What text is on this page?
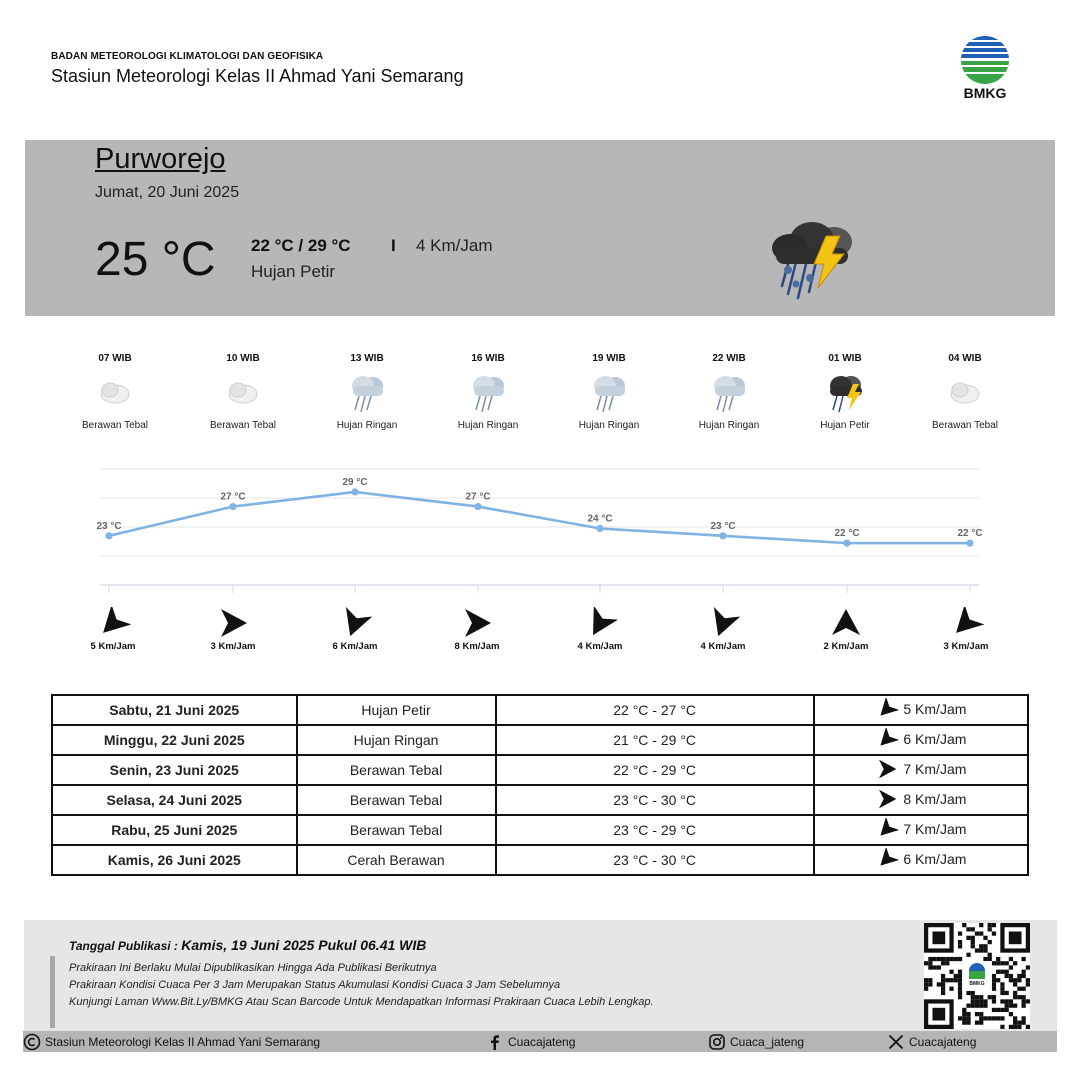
BADAN METEOROLOGI KLIMATOLOGI DAN GEOFISIKA
Stasiun Meteorologi Kelas II Ahmad Yani Semarang
BMKG
Purworejo
Jumat, 20 Juni 2025
25 °C 22 °C / 29 °C I 4 Km/Jam
Hujan Petir
07 WIB
Berawan Tebal
10 WIB
Berawan Tebal
13 WIB
Hujan Ringan
16 WIB
Hujan Ringan
19 WIB
Hujan Ringan
22 WIB
Hujan Ringan
01 WIB
Hujan Petir
04 WIB
Berawan Tebal
23 °C
27 °C
29 °C
27 °C
24 °C
23 °C
22 °C	22 °C
5 Km/Jam	3 Km/Jam	6 Km/Jam	8 Km/Jam	4 Km/Jam	4 Km/Jam	2 Km/Jam	3 Km/Jam
Sabtu, 21 Juni 2025	Hujan Petir	22 °C - 27 °C	5 Km/Jam

Minggu, 22 Juni 2025	Hujan Ringan	21 °C - 29 °C	6 Km/Jam

Senin, 23 Juni 2025	Berawan Tebal	22 °C - 29 °C	7 Km/Jam

Selasa, 24 Juni 2025	Berawan Tebal	23 °C - 30 °C	8 Km/Jam

Rabu, 25 Juni 2025	Berawan Tebal	23 °C - 29 °C	7 Km/Jam

Kamis, 26 Juni 2025	Cerah Berawan	23 °C - 30 °C	6 Km/Jam
Tanggal Publikasi : Kamis, 19 Juni 2025 Pukul 06.41 WIB
Prakiraan Ini Berlaku Mulai Dipublikasikan Hingga Ada Publikasi Berikutnya
Prakiraan Kondisi Cuaca Per 3 Jam Merupakan Status Akumulasi Kondisi Cuaca 3 Jam Sebelumnya
Kunjungi Laman Www.Bit.Ly/BMKG Atau Scan Barcode Untuk Mendapatkan Informasi Prakiraan Cuaca Lebih Lengkap.
BMKG
Stasiun Meteorologi Kelas II Ahmad Yani Semarang	Cuacajateng	Cuaca_jateng	Cuacajateng
